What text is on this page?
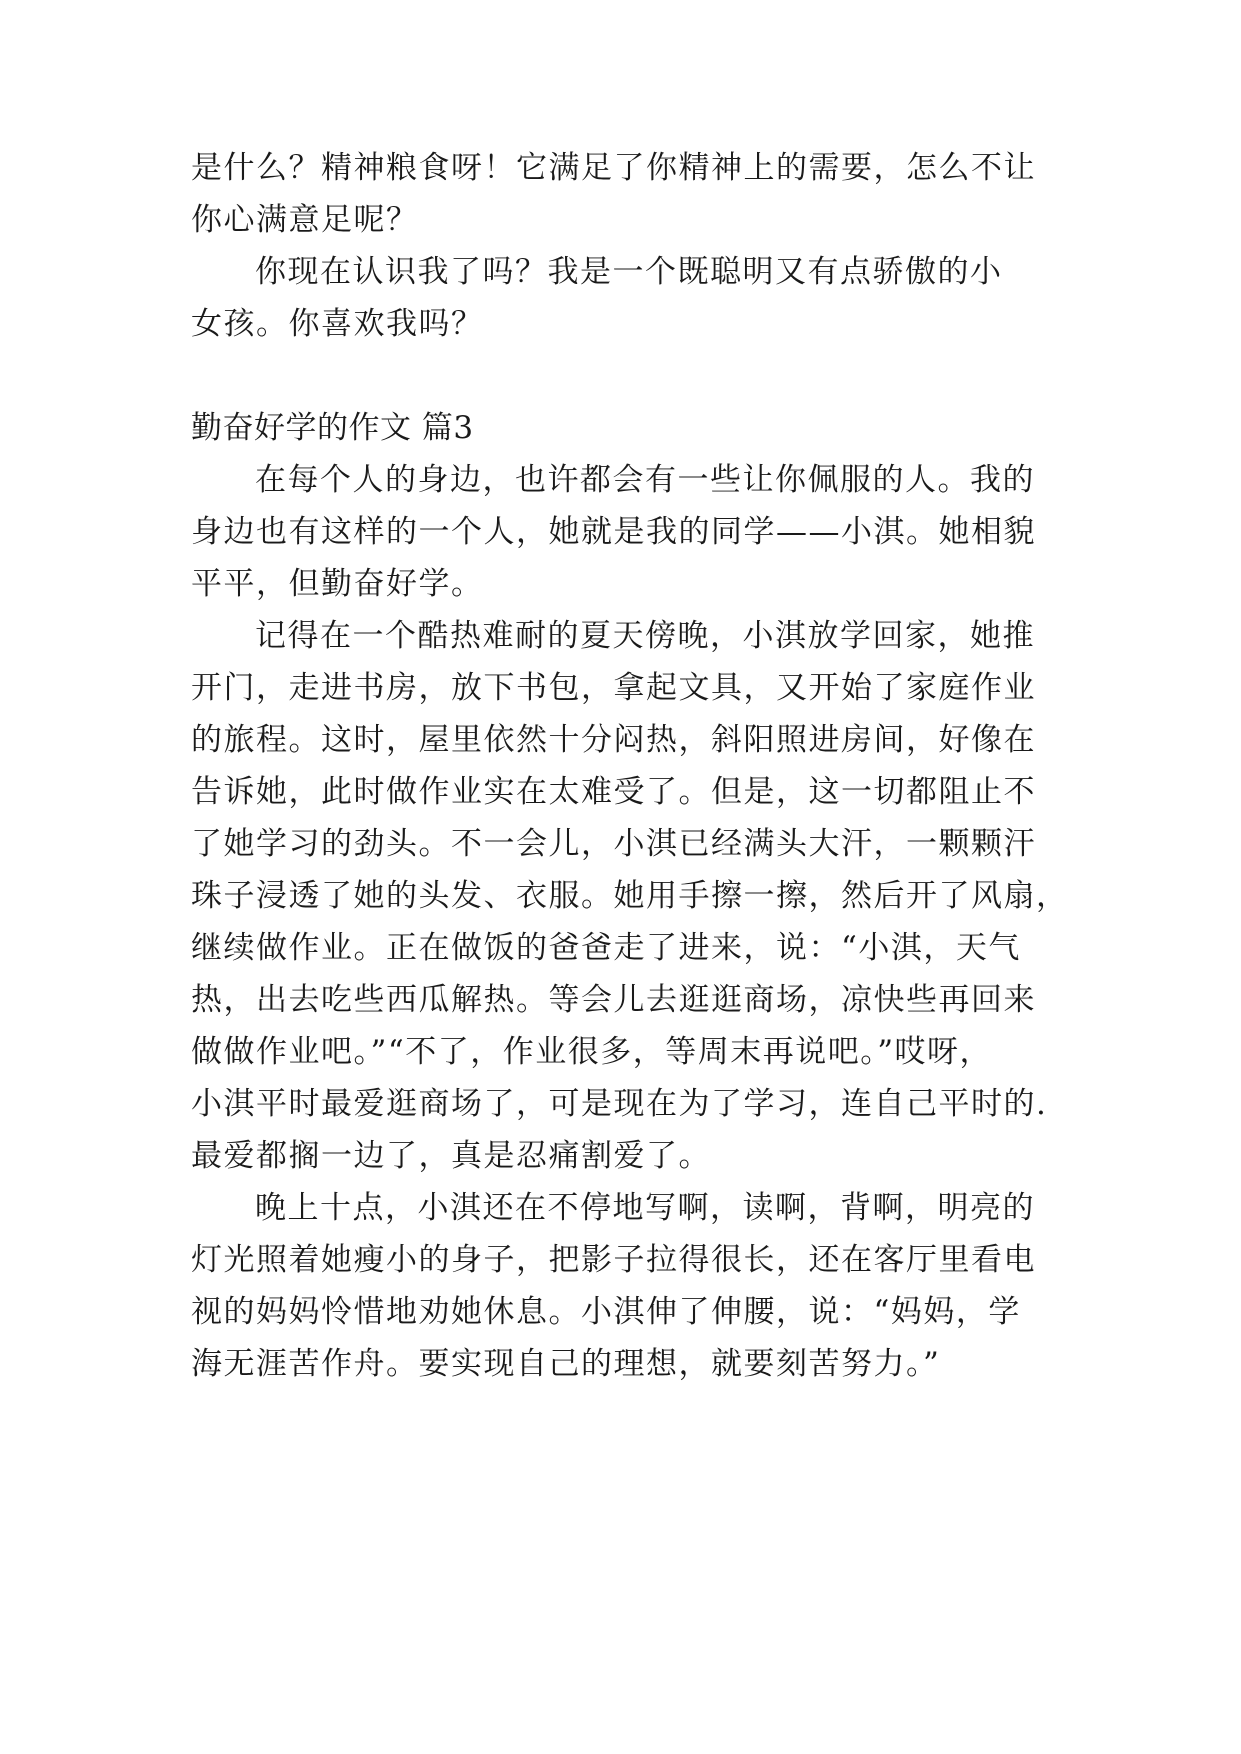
是什么？精神粮食呀！它满足了你精神上的需要，怎么不让
你心满意足呢？
你现在认识我了吗？我是一个既聪明又有点骄傲的小
女孩。你喜欢我吗？
勤奋好学的作文 篇3
在每个人的身边，也许都会有一些让你佩服的人。我的
身边也有这样的一个人，她就是我的同学——小淇。她相貌
平平，但勤奋好学。
记得在一个酷热难耐的夏天傍晚，小淇放学回家，她推
开门，走进书房，放下书包，拿起文具，又开始了家庭作业
的旅程。这时，屋里依然十分闷热，斜阳照进房间，好像在
告诉她，此时做作业实在太难受了。但是，这一切都阻止不
了她学习的劲头。不一会儿，小淇已经满头大汗，一颗颗汗
珠子浸透了她的头发、衣服。她用手擦一擦，然后开了风扇，
继续做作业。正在做饭的爸爸走了进来，说：“小淇，天气
热，出去吃些西瓜解热。等会儿去逛逛商场，凉快些再回来
做做作业吧。”“不了，作业很多，等周末再说吧。”哎呀，
小淇平时最爱逛商场了，可是现在为了学习，连自己平时的.
最爱都搁一边了，真是忍痛割爱了。
晚上十点，小淇还在不停地写啊，读啊，背啊，明亮的
灯光照着她瘦小的身子，把影子拉得很长，还在客厅里看电
视的妈妈怜惜地劝她休息。小淇伸了伸腰，说：“妈妈，学
海无涯苦作舟。要实现自己的理想，就要刻苦努力。”
